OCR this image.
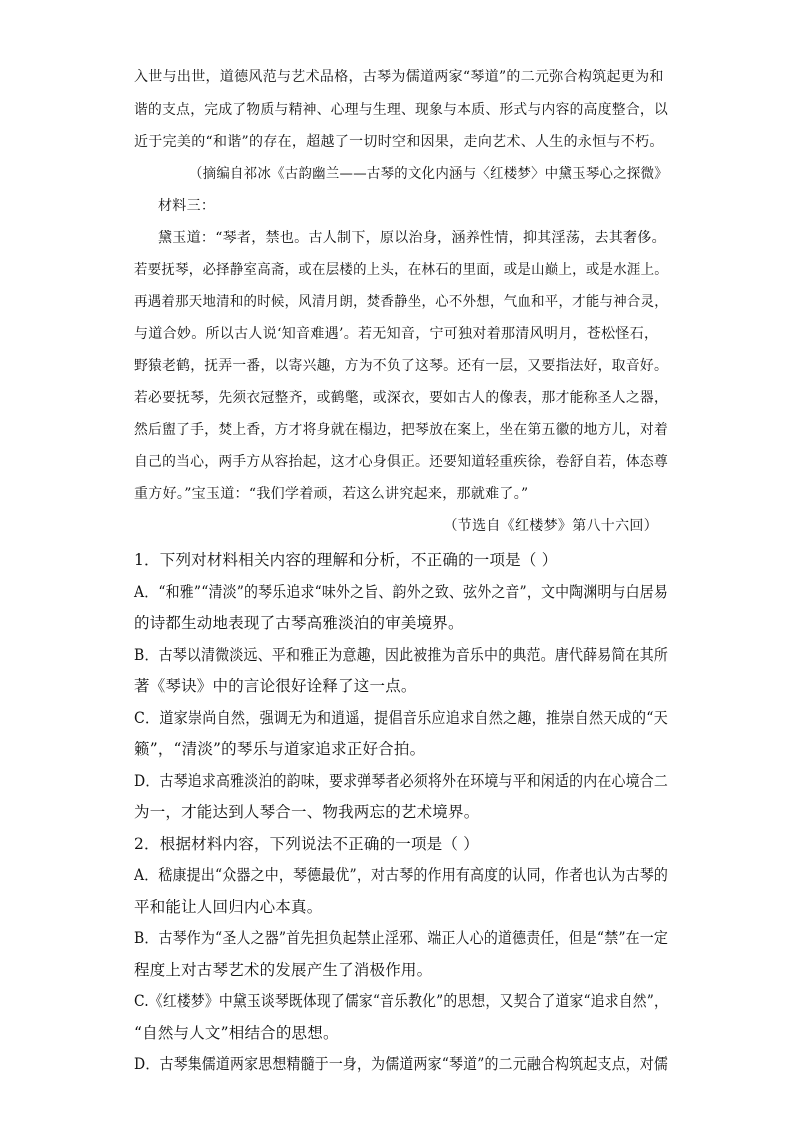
入世与出世，道德风范与艺术品格，古琴为儒道两家“琴道”的二元弥合构筑起更为和
谐的支点，完成了物质与精神、心理与生理、现象与本质、形式与内容的高度整合，以
近于完美的“和谐”的存在，超越了一切时空和因果，走向艺术、人生的永恒与不朽。
（摘编自祁冰《古韵幽兰——古琴的文化内涵与〈红楼梦〉中黛玉琴心之探微》
材料三：
黛玉道：“琴者，禁也。古人制下，原以治身，涵养性情，抑其淫荡，去其奢侈。
若要抚琴，必择静室高斋，或在层楼的上头，在林石的里面，或是山巅上，或是水涯上。
再遇着那天地清和的时候，风清月朗，焚香静坐，心不外想，气血和平，才能与神合灵，
与道合妙。所以古人说‘知音难遇’。若无知音，宁可独对着那清风明月，苍松怪石，
野猿老鹤，抚弄一番，以寄兴趣，方为不负了这琴。还有一层，又要指法好，取音好。
若必要抚琴，先须衣冠整齐，或鹤氅，或深衣，要如古人的像表，那才能称圣人之器，
然后盥了手，焚上香，方才将身就在榻边，把琴放在案上，坐在第五徽的地方儿，对着
自己的当心，两手方从容抬起，这才心身俱正。还要知道轻重疾徐，卷舒自若，体态尊
重方好。”宝玉道：“我们学着顽，若这么讲究起来，那就难了。”
（节选自《红楼梦》第八十六回）
1．下列对材料相关内容的理解和分析，不正确的一项是（ ）
A．“和雅”“清淡”的琴乐追求“味外之旨、韵外之致、弦外之音”，文中陶渊明与白居易
的诗都生动地表现了古琴高雅淡泊的审美境界。
B．古琴以清微淡远、平和雅正为意趣，因此被推为音乐中的典范。唐代薛易简在其所
著《琴诀》中的言论很好诠释了这一点。
C．道家崇尚自然，强调无为和逍遥，提倡音乐应追求自然之趣，推崇自然天成的“天
籁”，“清淡”的琴乐与道家追求正好合拍。
D．古琴追求高雅淡泊的韵味，要求弹琴者必须将外在环境与平和闲适的内在心境合二
为一，才能达到人琴合一、物我两忘的艺术境界。
2．根据材料内容，下列说法不正确的一项是（ ）
A．嵇康提出“众器之中，琴德最优”，对古琴的作用有高度的认同，作者也认为古琴的
平和能让人回归内心本真。
B．古琴作为“圣人之器”首先担负起禁止淫邪、端正人心的道德责任，但是“禁”在一定
程度上对古琴艺术的发展产生了消极作用。
C.《红楼梦》中黛玉谈琴既体现了儒家“音乐教化”的思想，又契合了道家“追求自然”，
“自然与人文”相结合的思想。
D．古琴集儒道两家思想精髓于一身，为儒道两家“琴道”的二元融合构筑起支点，对儒
